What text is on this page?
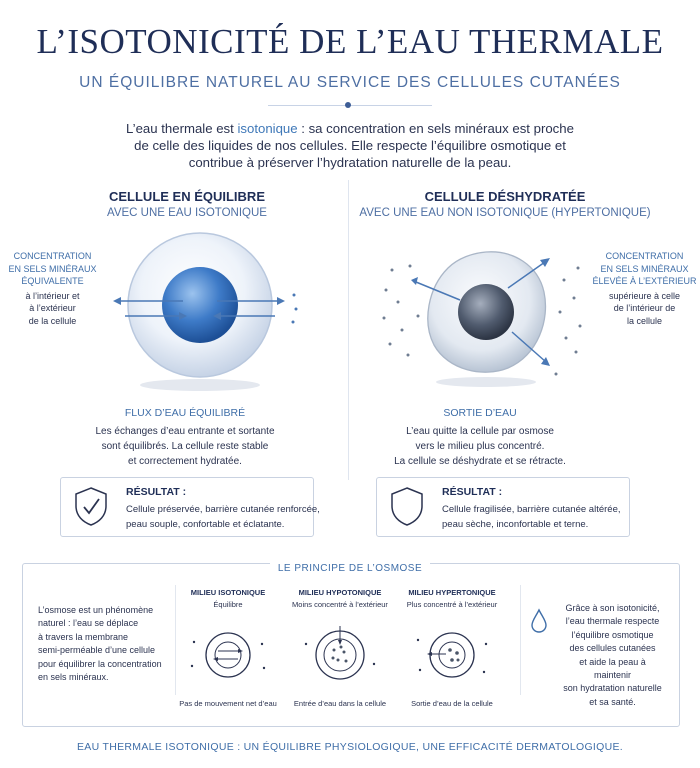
L’ISOTONICITÉ DE L’EAU THERMALE
UN ÉQUILIBRE NATUREL AU SERVICE DES CELLULES CUTANÉES
L’eau thermale est isotonique : sa concentration en sels minéraux est proche de celle des liquides de nos cellules. Elle respecte l’équilibre osmotique et contribue à préserver l’hydratation naturelle de la peau.
CELLULE EN ÉQUILIBRE
AVEC UNE EAU ISOTONIQUE
CONCENTRATION
EN SELS MINÉRAUX
ÉQUIVALENTE
à l’intérieur et
à l’extérieur
de la cellule
FLUX D’EAU ÉQUILIBRÉ
Les échanges d’eau entrante et sortante
sont équilibrés. La cellule reste stable
et correctement hydratée.
RÉSULTAT :
Cellule préservée, barrière cutanée renforcée,
peau souple, confortable et éclatante.
CELLULE DÉSHYDRATÉE
AVEC UNE EAU NON ISOTONIQUE (HYPERTONIQUE)
CONCENTRATION
EN SELS MINÉRAUX
ÉLEVÉE À L’EXTÉRIEUR
supérieure à celle
de l’intérieur de
la cellule
SORTIE D’EAU
L’eau quitte la cellule par osmose
vers le milieu plus concentré.
La cellule se déshydrate et se rétracte.
RÉSULTAT :
Cellule fragilisée, barrière cutanée altérée,
peau sèche, inconfortable et terne.
LE PRINCIPE DE L’OSMOSE
L’osmose est un phénomène
naturel : l’eau se déplace
à travers la membrane
semi-perméable d’une cellule
pour équilibrer la concentration
en sels minéraux.
MILIEU ISOTONIQUE
Équilibre
Pas de mouvement net d’eau
MILIEU HYPOTONIQUE
Moins concentré à l’extérieur
Entrée d’eau dans la cellule
MILIEU HYPERTONIQUE
Plus concentré à l’extérieur
Sortie d’eau de la cellule
Grâce à son isotonicité,
l’eau thermale respecte
l’équilibre osmotique
des cellules cutanées
et aide la peau à maintenir
son hydratation naturelle
et sa santé.
EAU THERMALE ISOTONIQUE : UN ÉQUILIBRE PHYSIOLOGIQUE, UNE EFFICACITÉ DERMATOLOGIQUE.
